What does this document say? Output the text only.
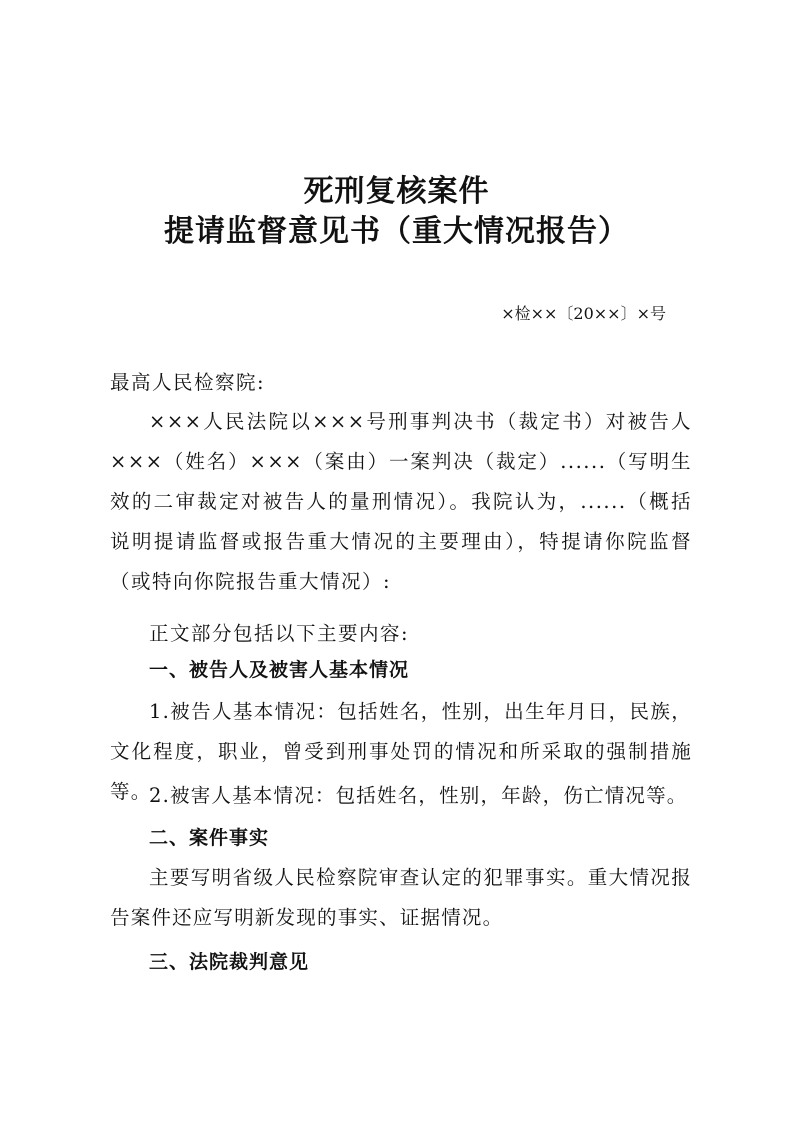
死刑复核案件
提请监督意见书（重大情况报告）
×检××〔20××〕×号
最高人民检察院:
×××人民法院以×××号刑事判决书（裁定书）对被告人×××（姓名）×××（案由）一案判决（裁定）......（写明生效的二审裁定对被告人的量刑情况）。我院认为，......（概括说明提请监督或报告重大情况的主要理由），特提请你院监督（或特向你院报告重大情况）:
正文部分包括以下主要内容:
一、被告人及被害人基本情况
1.被告人基本情况：包括姓名，性别，出生年月日，民族，文化程度，职业，曾受到刑事处罚的情况和所采取的强制措施等。
2.被害人基本情况：包括姓名，性别，年龄，伤亡情况等。
二、案件事实
主要写明省级人民检察院审查认定的犯罪事实。重大情况报告案件还应写明新发现的事实、证据情况。
三、法院裁判意见
